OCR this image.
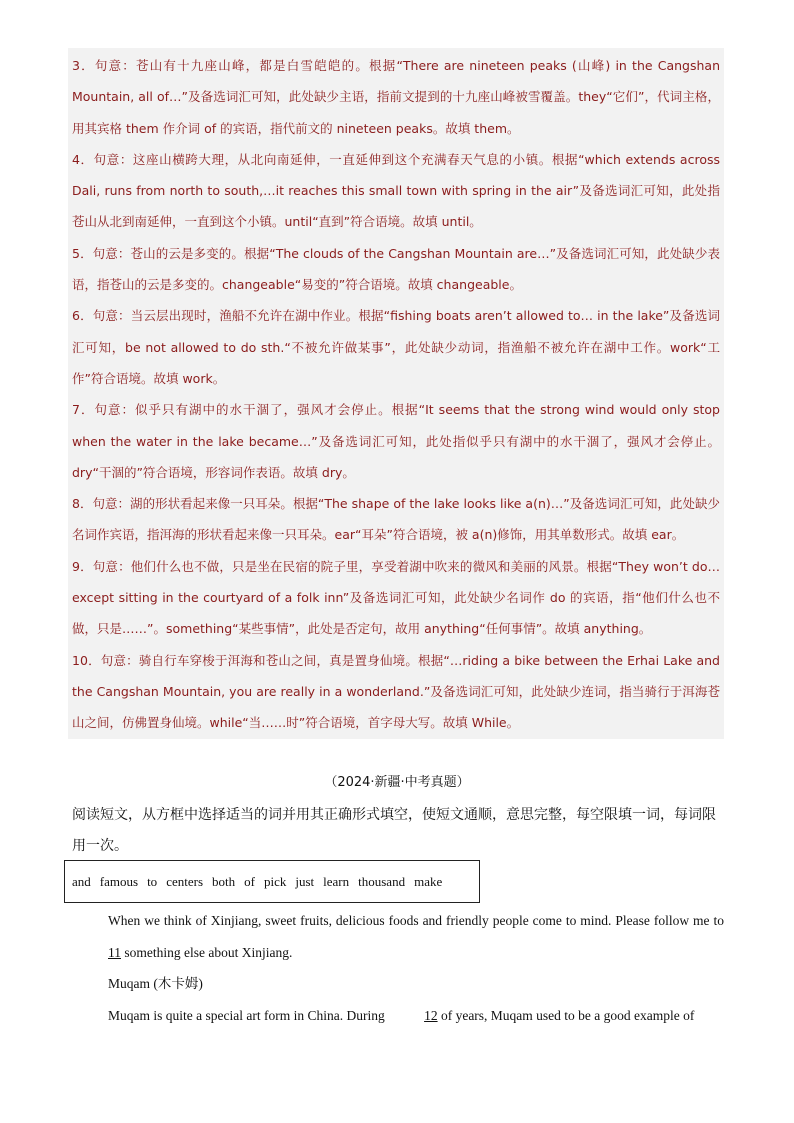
3．句意：苍山有十九座山峰，都是白雪皑皑的。根据“There are nineteen peaks (山峰) in the Cangshan Mountain, all of…”及备选词汇可知，此处缺少主语，指前文提到的十九座山峰被雪覆盖。they“它们”，代词主格，用其宾格 them 作介词 of 的宾语，指代前文的 nineteen peaks。故填 them。

4．句意：这座山横跨大理，从北向南延伸，一直延伸到这个充满春天气息的小镇。根据“which extends across Dali, runs from north to south,…it reaches this small town with spring in the air”及备选词汇可知，此处指苍山从北到南延伸，一直到这个小镇。until“直到”符合语境。故填 until。

5．句意：苍山的云是多变的。根据“The clouds of the Cangshan Mountain are…”及备选词汇可知，此处缺少表语，指苍山的云是多变的。changeable“易变的”符合语境。故填 changeable。

6．句意：当云层出现时，渔船不允许在湖中作业。根据“fishing boats aren’t allowed to… in the lake”及备选词汇可知，be not allowed to do sth.“不被允许做某事”，此处缺少动词，指渔船不被允许在湖中工作。work“工作”符合语境。故填 work。

7．句意：似乎只有湖中的水干涸了，强风才会停止。根据“It seems that the strong wind would only stop when the water in the lake became…”及备选词汇可知，此处指似乎只有湖中的水干涸了，强风才会停止。dry“干涸的”符合语境，形容词作表语。故填 dry。

8．句意：湖的形状看起来像一只耳朵。根据“The shape of the lake looks like a(n)…”及备选词汇可知，此处缺少名词作宾语，指洱海的形状看起来像一只耳朵。ear“耳朵”符合语境，被 a(n)修饰，用其单数形式。故填 ear。

9．句意：他们什么也不做，只是坐在民宿的院子里，享受着湖中吹来的微风和美丽的风景。根据“They won’t do… except sitting in the courtyard of a folk inn”及备选词汇可知，此处缺少名词作 do 的宾语，指“他们什么也不做，只是……”。something“某些事情”，此处是否定句，故用 anything“任何事情”。故填 anything。

10．句意：骑自行车穿梭于洱海和苍山之间，真是置身仙境。根据“…riding a bike between the Erhai Lake and the Cangshan Mountain, you are really in a wonderland.”及备选词汇可知，此处缺少连词，指当骑行于洱海苍山之间，仿佛置身仙境。while“当……时”符合语境，首字母大写。故填 While。

（2024·新疆·中考真题）

阅读短文，从方框中选择适当的词并用其正确形式填空，使短文通顺，意思完整，每空限填一词，每词限用一次。

and famous to centers both of pick just learn thousand make

When we think of Xinjiang, sweet fruits, delicious foods and friendly people come to mind. Please follow me to 11 something else about Xinjiang.

Muqam (木卡姆)

Muqam is quite a special art form in China. During	12 of years, Muqam used to be a good example of
